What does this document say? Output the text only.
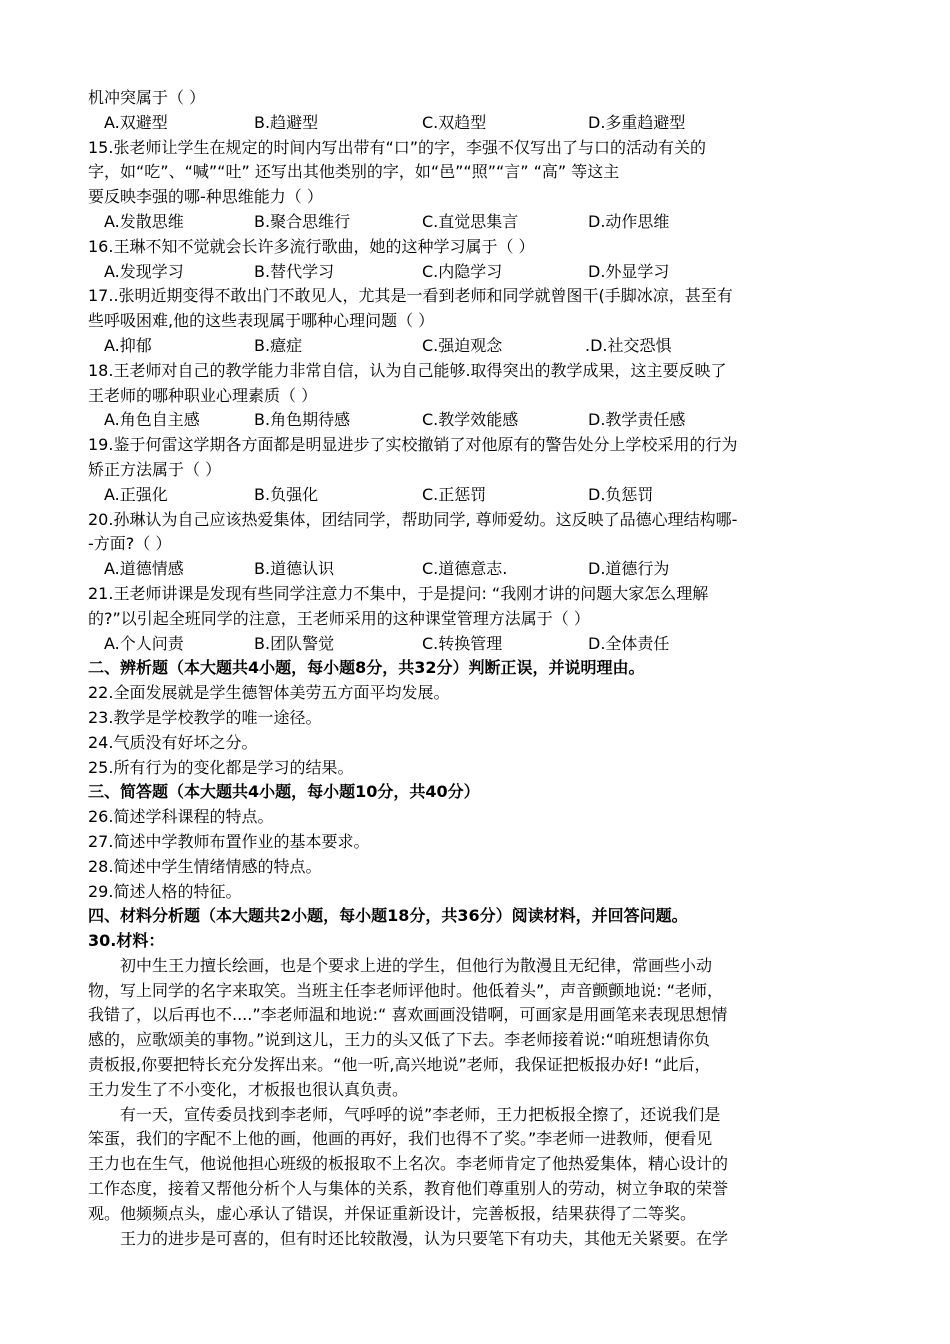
机冲突属于（ ）
A.双避型	B.趋避型	C.双趋型	D.多重趋避型
15.张老师让学生在规定的时间内写出带有“口”的字，李强不仅写出了与口的活动有关的
字，如“吃”、“喊”“吐” 还写出其他类别的字，如“邑”“照”“言” “高” 等这主
要反映李强的哪-种思维能力（ ）
A.发散思维	B.聚合思维行	C.直觉思集言	D.动作思维
16.王琳不知不觉就会长许多流行歌曲，她的这种学习属于（ ）
A.发现学习	B.替代学习	C.内隐学习	D.外显学习
17..张明近期变得不敢出门不敢见人，尤其是一看到老师和同学就曾图干(手脚冰凉，甚至有
些呼吸困难,他的这些表现属于哪种心理问题（ ）
A.抑郁	B.癔症	C.强迫观念	.D.社交恐惧
18.王老师对自己的教学能力非常自信，认为自己能够.取得突出的教学成果，这主要反映了
王老师的哪种职业心理素质（ ）
A.角色自主感	B.角色期待感	C.教学效能感	D.教学责任感
19.鉴于何雷这学期各方面都是明显进步了实校撤销了对他原有的警告处分上学校采用的行为
矫正方法属于（ ）
A.正强化	B.负强化	C.正惩罚	D.负惩罚
20.孙琳认为自己应该热爱集体，团结同学，帮助同学, 尊师爱幼。这反映了品德心理结构哪-
-方面?（ ）
A.道德情感	B.道德认识	C.道德意志.	D.道德行为
21.王老师讲课是发现有些同学注意力不集中，于是提问: “我刚才讲的问题大家怎么理解
的?”以引起全班同学的注意，王老师采用的这种课堂管理方法属于（ ）
A.个人问责	B.团队警觉	C.转换管理	D.全体责任
二、辨析题（本大题共4小题，每小题8分，共32分）判断正误，并说明理由。
22.全面发展就是学生德智体美劳五方面平均发展。
23.教学是学校教学的唯一途径。
24.气质没有好坏之分。
25.所有行为的变化都是学习的结果。
三、简答题（本大题共4小题，每小题10分，共40分）
26.简述学科课程的特点。
27.简述中学教师布置作业的基本要求。
28.简述中学生情绪情感的特点。
29.简述人格的特征。
四、材料分析题（本大题共2小题，每小题18分，共36分）阅读材料，并回答问题。
30.材料：
初中生王力擅长绘画，也是个要求上进的学生，但他行为散漫且无纪律，常画些小动
物，写上同学的名字来取笑。当班主任李老师评他时。他低着头”，声音颤颤地说: “老师，
我错了，以后再也不....”李老师温和地说:“ 喜欢画画没错啊，可画家是用画笔来表现思想情
感的，应歌颂美的事物。”说到这儿，王力的头又低了下去。李老师接着说:“咱班想请你负
责板报,你要把特长充分发挥出来。“他一听,高兴地说”老师，我保证把板报办好! “此后，
王力发生了不小变化，才板报也很认真负责。
有一天，宣传委员找到李老师，气呼呼的说”李老师，王力把板报全擦了，还说我们是
笨蛋，我们的字配不上他的画，他画的再好，我们也得不了奖。”李老师一进教师，便看见
王力也在生气，他说他担心班级的板报取不上名次。李老师肯定了他热爱集体，精心设计的
工作态度，接着又帮他分析个人与集体的关系，教育他们尊重别人的劳动，树立争取的荣誉
观。他频频点头，虚心承认了错误，并保证重新设计，完善板报，结果获得了二等奖。
王力的进步是可喜的，但有时还比较散漫，认为只要笔下有功夫，其他无关紧要。在学
